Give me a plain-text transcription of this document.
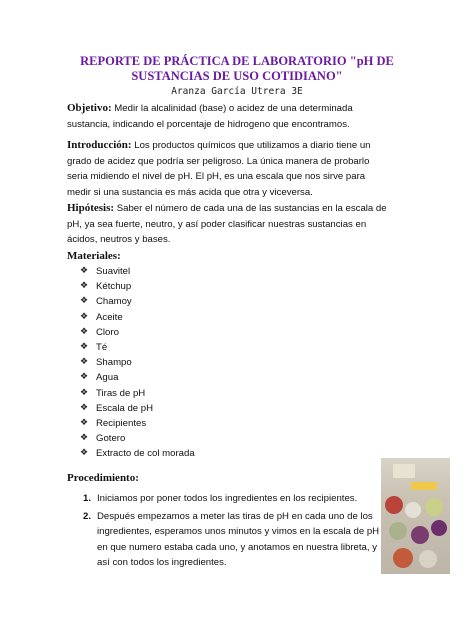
REPORTE DE PRÁCTICA DE LABORATORIO "pH DE
SUSTANCIAS DE USO COTIDIANO"
Aranza García Utrera 3E
Objetivo: Medir la alcalinidad (base) o acidez de una determinada sustancia, indicando el porcentaje de hidrogeno que encontramos.
Introducción: Los productos químicos que utilizamos a diario tiene un grado de acidez que podría ser peligroso. La única manera de probarlo seria midiendo el nivel de pH. El pH, es una escala que nos sirve para medir si una sustancia es más acida que otra y viceversa.
Hipótesis: Saber el número de cada una de las sustancias en la escala de pH, ya sea fuerte, neutro, y así poder clasificar nuestras sustancias en ácidos, neutros y bases.
Materiales:
❖ Suavitel
❖ Kétchup
❖ Chamoy
❖ Aceite
❖ Cloro
❖ Té
❖ Shampo
❖ Agua
❖ Tiras de pH
❖ Escala de pH
❖ Recipientes
❖ Gotero
❖ Extracto de col morada
Procedimiento:
1. Iniciamos por poner todos los ingredientes en los recipientes.
2. Después empezamos a meter las tiras de pH en cada uno de los ingredientes, esperamos unos minutos y vimos en la escala de pH en que numero estaba cada uno, y anotamos en nuestra libreta, y así con todos los ingredientes.
